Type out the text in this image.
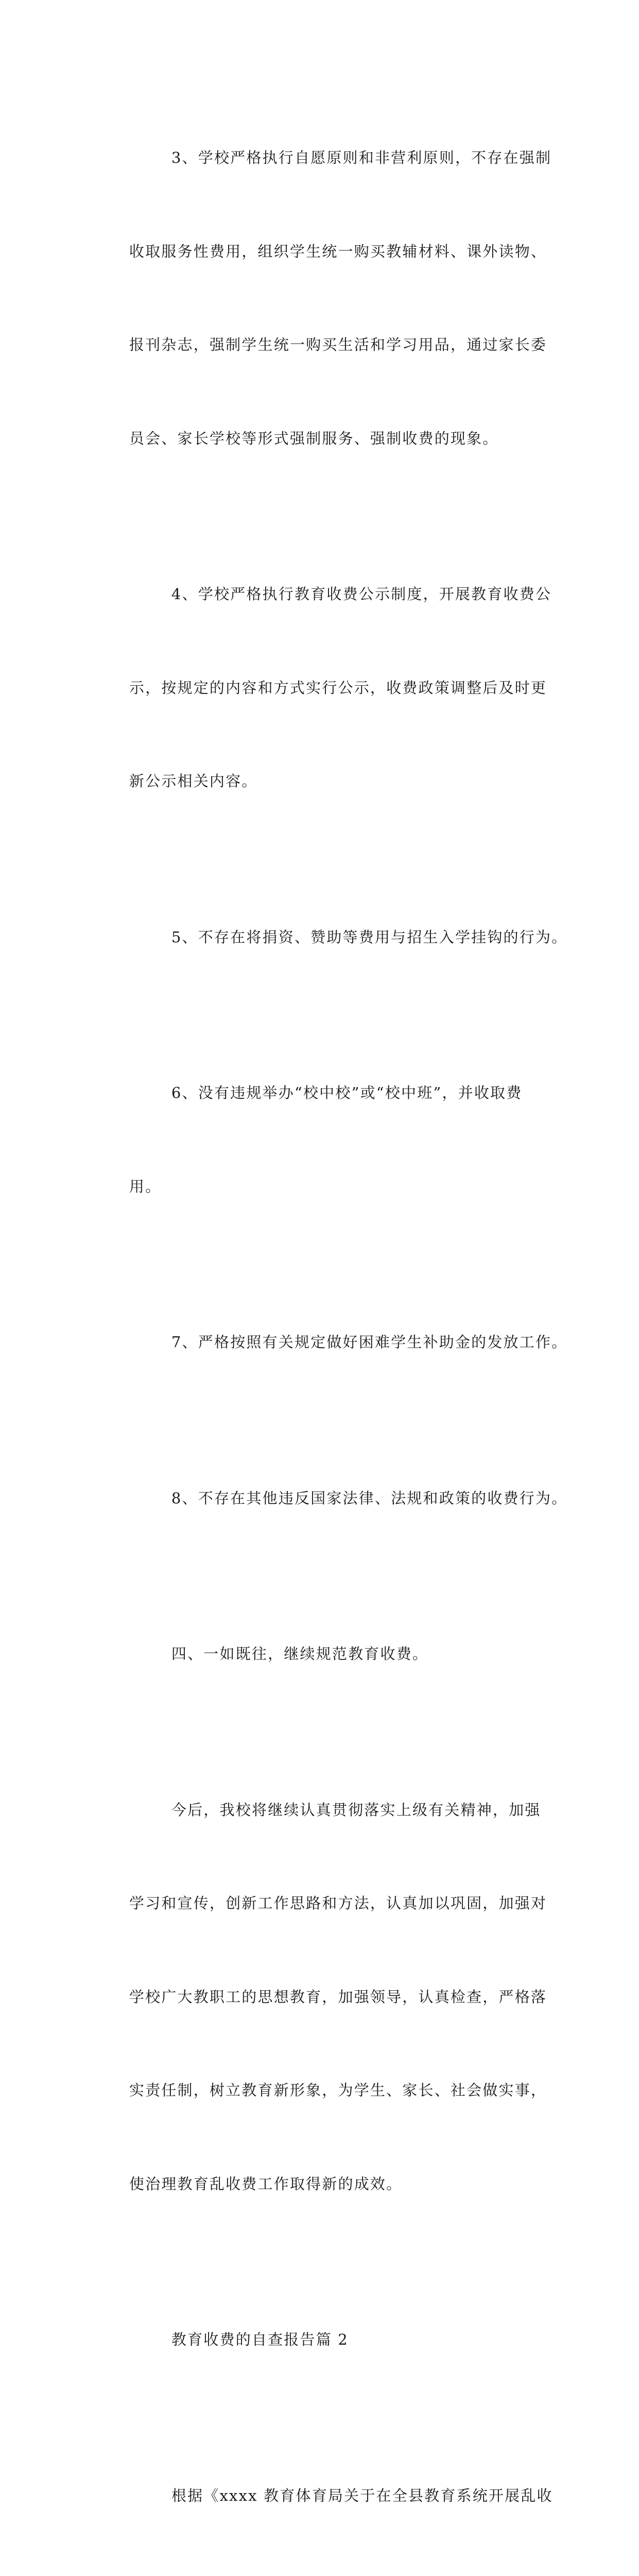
3、学校严格执行自愿原则和非营利原则，不存在强制

收取服务性费用，组织学生统一购买教辅材料、课外读物、

报刊杂志，强制学生统一购买生活和学习用品，通过家长委

员会、家长学校等形式强制服务、强制收费的现象。

4、学校严格执行教育收费公示制度，开展教育收费公

示，按规定的内容和方式实行公示，收费政策调整后及时更

新公示相关内容。

5、不存在将捐资、赞助等费用与招生入学挂钩的行为。

6、没有违规举办“校中校”或“校中班”，并收取费

用。

7、严格按照有关规定做好困难学生补助金的发放工作。

8、不存在其他违反国家法律、法规和政策的收费行为。

四、一如既往，继续规范教育收费。

今后，我校将继续认真贯彻落实上级有关精神，加强

学习和宣传，创新工作思路和方法，认真加以巩固，加强对

学校广大教职工的思想教育，加强领导，认真检查，严格落

实责任制，树立教育新形象，为学生、家长、社会做实事，

使治理教育乱收费工作取得新的成效。

教育收费的自查报告篇 2

根据《xxxx 教育体育局关于在全县教育系统开展乱收
